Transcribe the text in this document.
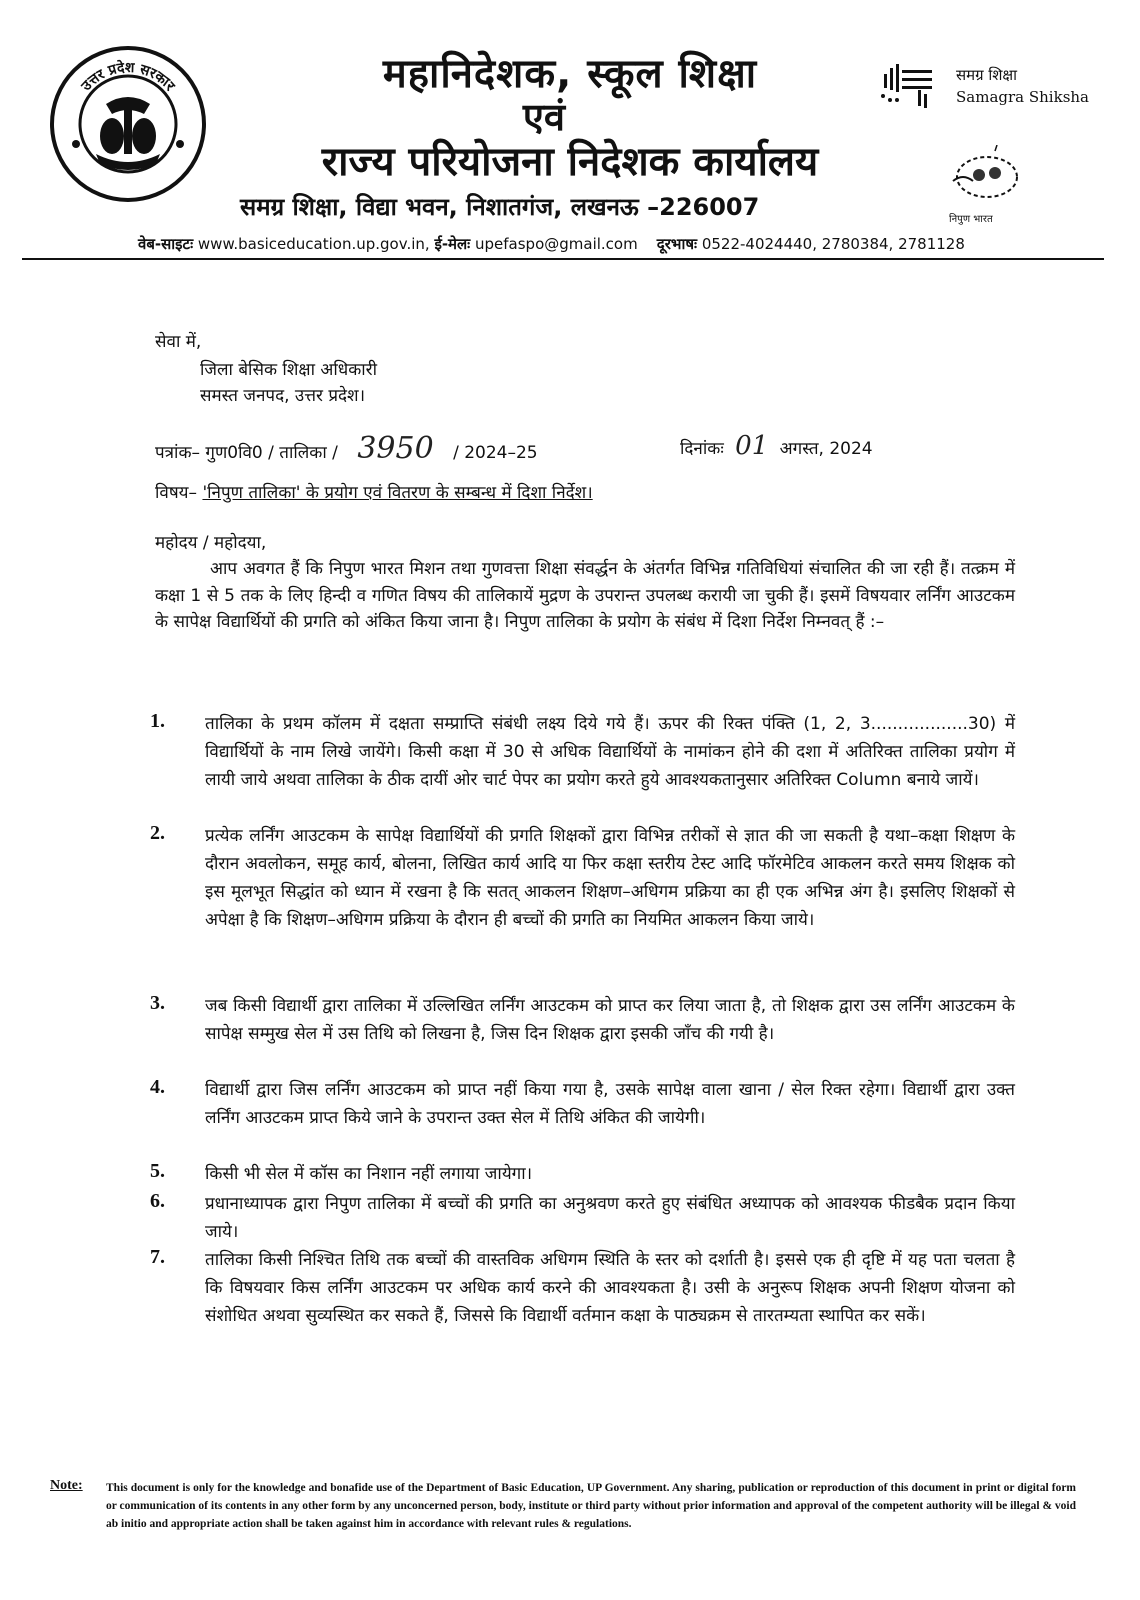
उत्तर प्रदेश सरकार	महानिदेशक, स्कूल शिक्षा
एवं
राज्य परियोजना निदेशक कार्यालय
समग्र शिक्षा, विद्या भवन, निशातगंज, लखनऊ –226007
समग्र शिक्षा
Samagra Shiksha
निपुण भारत
वेब-साइटः www.basiceducation.up.gov.in, ई-मेलः upefaspo@gmail.com दूरभाषः 0522-4024440, 2780384, 2781128
सेवा में,
जिला बेसिक शिक्षा अधिकारी
समस्त जनपद, उत्तर प्रदेश।
पत्रांक– गुण0वि0 / तालिका / 3950 / 2024–25	दिनांकः 01 अगस्त, 2024
विषय– 'निपुण तालिका' के प्रयोग एवं वितरण के सम्बन्ध में दिशा निर्देश।
महोदय / महोदया,
आप अवगत हैं कि निपुण भारत मिशन तथा गुणवत्ता शिक्षा संवर्द्धन के अंतर्गत विभिन्न गतिविधियां संचालित की जा रही हैं। तत्क्रम में कक्षा 1 से 5 तक के लिए हिन्दी व गणित विषय की तालिकायें मुद्रण के उपरान्त उपलब्ध करायी जा चुकी हैं। इसमें विषयवार लर्निंग आउटकम के सापेक्ष विद्यार्थियों की प्रगति को अंकित किया जाना है। निपुण तालिका के प्रयोग के संबंध में दिशा निर्देश निम्नवत् हैं :–
1. तालिका के प्रथम कॉलम में दक्षता सम्प्राप्ति संबंधी लक्ष्य दिये गये हैं। ऊपर की रिक्त पंक्ति (1, 2, 3..................30) में विद्यार्थियों के नाम लिखे जायेंगे। किसी कक्षा में 30 से अधिक विद्यार्थियों के नामांकन होने की दशा में अतिरिक्त तालिका प्रयोग में लायी जाये अथवा तालिका के ठीक दायीं ओर चार्ट पेपर का प्रयोग करते हुये आवश्यकतानुसार अतिरिक्त Column बनाये जायें।
2. प्रत्येक लर्निंग आउटकम के सापेक्ष विद्यार्थियों की प्रगति शिक्षकों द्वारा विभिन्न तरीकों से ज्ञात की जा सकती है यथा–कक्षा शिक्षण के दौरान अवलोकन, समूह कार्य, बोलना, लिखित कार्य आदि या फिर कक्षा स्तरीय टेस्ट आदि फॉरमेटिव आकलन करते समय शिक्षक को इस मूलभूत सिद्धांत को ध्यान में रखना है कि सतत् आकलन शिक्षण–अधिगम प्रक्रिया का ही एक अभिन्न अंग है। इसलिए शिक्षकों से अपेक्षा है कि शिक्षण–अधिगम प्रक्रिया के दौरान ही बच्चों की प्रगति का नियमित आकलन किया जाये।
3. जब किसी विद्यार्थी द्वारा तालिका में उल्लिखित लर्निंग आउटकम को प्राप्त कर लिया जाता है, तो शिक्षक द्वारा उस लर्निंग आउटकम के सापेक्ष सम्मुख सेल में उस तिथि को लिखना है, जिस दिन शिक्षक द्वारा इसकी जाँच की गयी है।
4. विद्यार्थी द्वारा जिस लर्निंग आउटकम को प्राप्त नहीं किया गया है, उसके सापेक्ष वाला खाना / सेल रिक्त रहेगा। विद्यार्थी द्वारा उक्त लर्निंग आउटकम प्राप्त किये जाने के उपरान्त उक्त सेल में तिथि अंकित की जायेगी।
5. किसी भी सेल में कॉस का निशान नहीं लगाया जायेगा।
6. प्रधानाध्यापक द्वारा निपुण तालिका में बच्चों की प्रगति का अनुश्रवण करते हुए संबंधित अध्यापक को आवश्यक फीडबैक प्रदान किया जाये।
7. तालिका किसी निश्चित तिथि तक बच्चों की वास्तविक अधिगम स्थिति के स्तर को दर्शाती है। इससे एक ही दृष्टि में यह पता चलता है कि विषयवार किस लर्निंग आउटकम पर अधिक कार्य करने की आवश्यकता है। उसी के अनुरूप शिक्षक अपनी शिक्षण योजना को संशोधित अथवा सुव्यस्थित कर सकते हैं, जिससे कि विद्यार्थी वर्तमान कक्षा के पाठ्यक्रम से तारतम्यता स्थापित कर सकें।
Note: This document is only for the knowledge and bonafide use of the Department of Basic Education, UP Government. Any sharing, publication or reproduction of this document in print or digital form or communication of its contents in any other form by any unconcerned person, body, institute or third party without prior information and approval of the competent authority will be illegal & void ab initio and appropriate action shall be taken against him in accordance with relevant rules & regulations.
